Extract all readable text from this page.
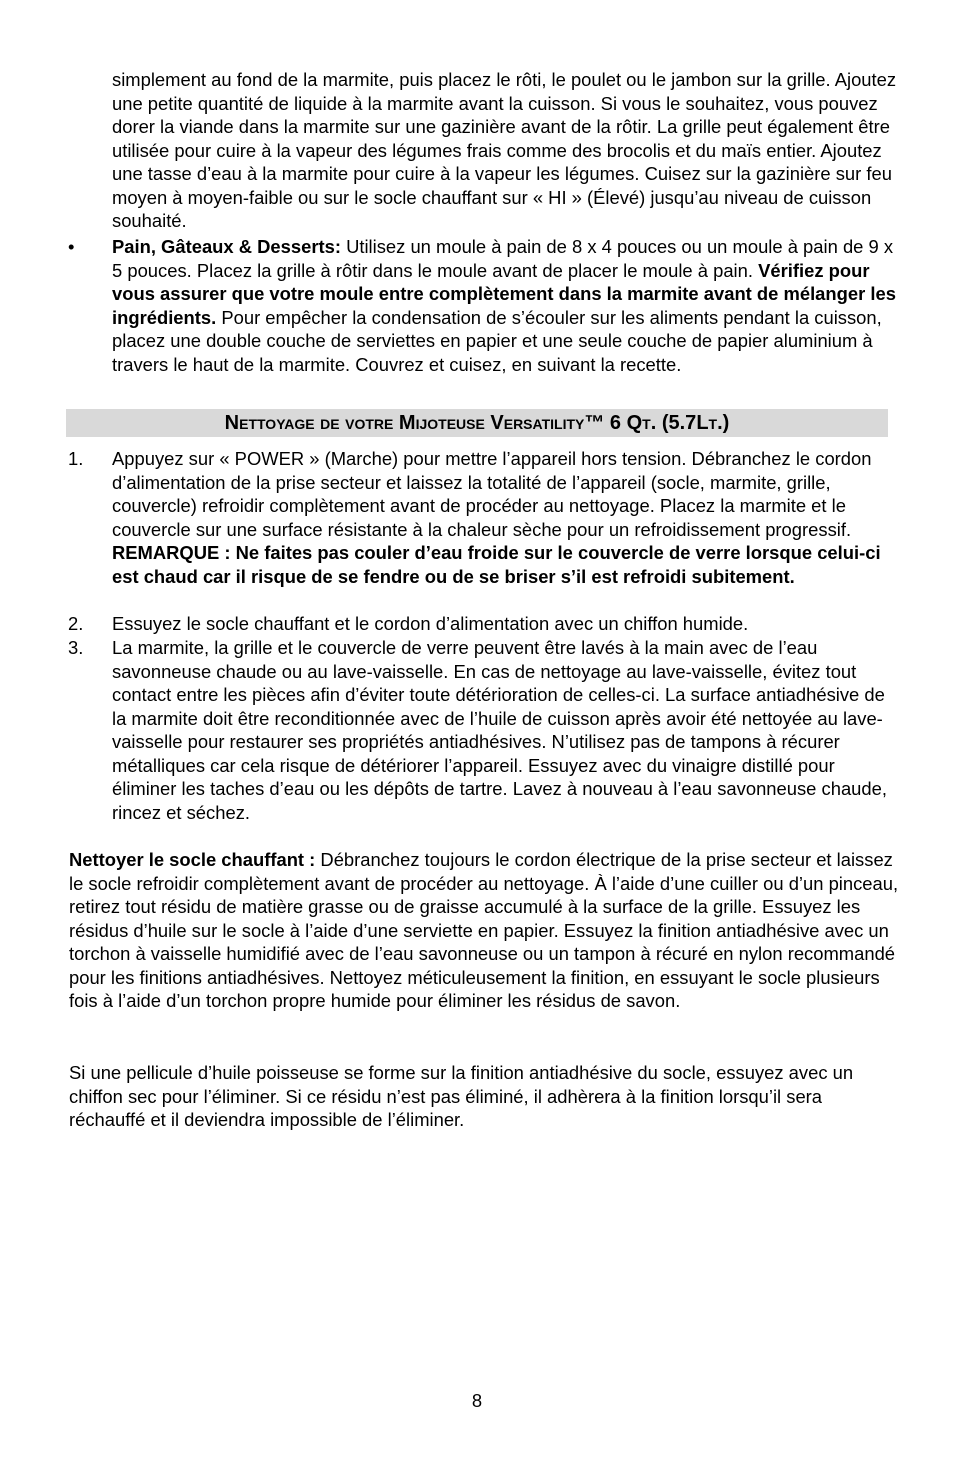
simplement au fond de la marmite, puis placez le rôti, le poulet ou le jambon sur la grille. Ajoutez une petite quantité de liquide à la marmite avant la cuisson. Si vous le souhaitez, vous pouvez dorer la viande dans la marmite sur une gazinière avant de la rôtir. La grille peut également être utilisée pour cuire à la vapeur des légumes frais comme des brocolis et du maïs entier. Ajoutez une tasse d’eau à la marmite pour cuire à la vapeur les légumes. Cuisez sur la gazinière sur feu moyen à moyen-faible ou sur le socle chauffant sur « HI » (Élevé) jusqu’au niveau de cuisson souhaité.

• Pain, Gâteaux & Desserts: Utilisez un moule à pain de 8 x 4 pouces ou un moule à pain de 9 x 5 pouces. Placez la grille à rôtir dans le moule avant de placer le moule à pain. Vérifiez pour vous assurer que votre moule entre complètement dans la marmite avant de mélanger les ingrédients. Pour empêcher la condensation de s’écouler sur les aliments pendant la cuisson, placez une double couche de serviettes en papier et une seule couche de papier aluminium à travers le haut de la marmite. Couvrez et cuisez, en suivant la recette.

Nettoyage de votre Mijoteuse Versatility™ 6 Qt. (5.7Lt.)
1. Appuyez sur « POWER » (Marche) pour mettre l’appareil hors tension. Débranchez le cordon d’alimentation de la prise secteur et laissez la totalité de l’appareil (socle, marmite, grille, couvercle) refroidir complètement avant de procéder au nettoyage. Placez la marmite et le couvercle sur une surface résistante à la chaleur sèche pour un refroidissement progressif. REMARQUE : Ne faites pas couler d’eau froide sur le couvercle de verre lorsque celui-ci est chaud car il risque de se fendre ou de se briser s’il est refroidi subitement.

2. Essuyez le socle chauffant et le cordon d’alimentation avec un chiffon humide.

3. La marmite, la grille et le couvercle de verre peuvent être lavés à la main avec de l’eau savonneuse chaude ou au lave-vaisselle. En cas de nettoyage au lave-vaisselle, évitez tout contact entre les pièces afin d’éviter toute détérioration de celles-ci. La surface antiadhésive de la marmite doit être reconditionnée avec de l’huile de cuisson après avoir été nettoyée au lave-vaisselle pour restaurer ses propriétés antiadhésives. N’utilisez pas de tampons à récurer métalliques car cela risque de détériorer l’appareil. Essuyez avec du vinaigre distillé pour éliminer les taches d’eau ou les dépôts de tartre. Lavez à nouveau à l’eau savonneuse chaude, rincez et séchez.

Nettoyer le socle chauffant : Débranchez toujours le cordon électrique de la prise secteur et laissez le socle refroidir complètement avant de procéder au nettoyage. À l’aide d’une cuiller ou d’un pinceau, retirez tout résidu de matière grasse ou de graisse accumulé à la surface de la grille. Essuyez les résidus d’huile sur le socle à l’aide d’une serviette en papier. Essuyez la finition antiadhésive avec un torchon à vaisselle humidifié avec de l’eau savonneuse ou un tampon à récuré en nylon recommandé pour les finitions antiadhésives. Nettoyez méticuleusement la finition, en essuyant le socle plusieurs fois à l’aide d’un torchon propre humide pour éliminer les résidus de savon.

Si une pellicule d’huile poisseuse se forme sur la finition antiadhésive du socle, essuyez avec un chiffon sec pour l’éliminer. Si ce résidu n’est pas éliminé, il adhèrera à la finition lorsqu’il sera réchauffé et il deviendra impossible de l’éliminer.

8
